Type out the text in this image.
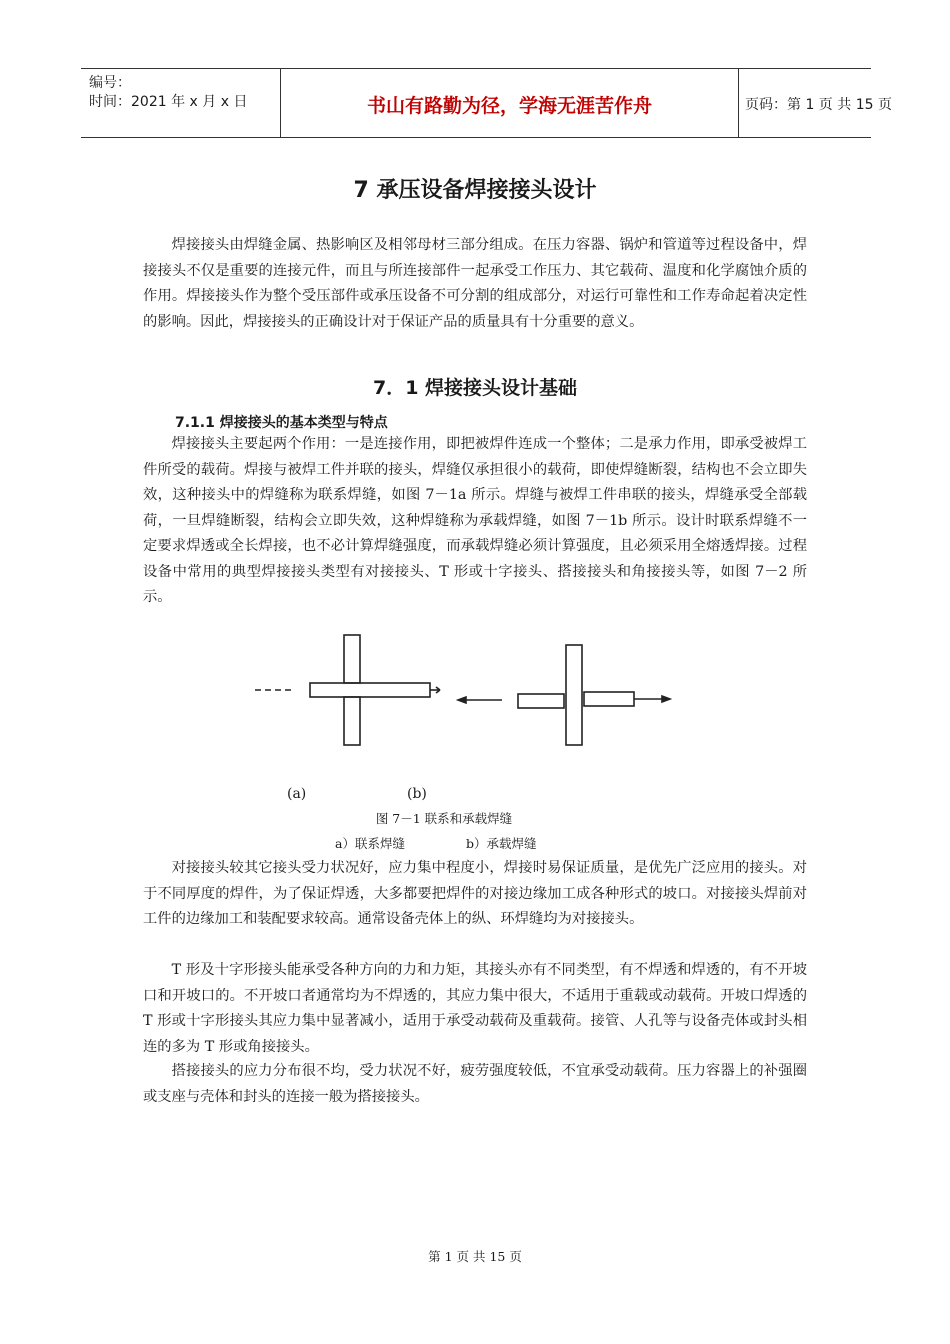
编号：
时间：2021 年 x 月 x 日	书山有路勤为径，学海无涯苦作舟	页码：第 1 页 共 15 页
7 承压设备焊接接头设计

焊接接头由焊缝金属、热影响区及相邻母材三部分组成。在压力容器、锅炉和管道等过程设备中，焊接接头不仅是重要的连接元件，而且与所连接部件一起承受工作压力、其它载荷、温度和化学腐蚀介质的作用。焊接接头作为整个受压部件或承压设备不可分割的组成部分，对运行可靠性和工作寿命起着决定性的影响。因此，焊接接头的正确设计对于保证产品的质量具有十分重要的意义。

7．1 焊接接头设计基础
7.1.1 焊接接头的基本类型与特点

焊接接头主要起两个作用：一是连接作用，即把被焊件连成一个整体；二是承力作用，即承受被焊工件所受的载荷。焊接与被焊工件并联的接头，焊缝仅承担很小的载荷，即使焊缝断裂，结构也不会立即失效，这种接头中的焊缝称为联系焊缝，如图 7－1a 所示。焊缝与被焊工件串联的接头，焊缝承受全部载荷，一旦焊缝断裂，结构会立即失效，这种焊缝称为承载焊缝，如图 7－1b 所示。设计时联系焊缝不一定要求焊透或全长焊接，也不必计算焊缝强度，而承载焊缝必须计算强度，且必须采用全熔透焊接。过程设备中常用的典型焊接接头类型有对接接头、T 形或十字接头、搭接接头和角接接头等，如图 7－2 所示。

(a)	(b)
图 7－1 联系和承载焊缝
a）联系焊缝	b）承载焊缝

对接接头较其它接头受力状况好，应力集中程度小，焊接时易保证质量，是优先广泛应用的接头。对于不同厚度的焊件，为了保证焊透，大多都要把焊件的对接边缘加工成各种形式的坡口。对接接头焊前对工件的边缘加工和装配要求较高。通常设备壳体上的纵、环焊缝均为对接接头。

T 形及十字形接头能承受各种方向的力和力矩，其接头亦有不同类型，有不焊透和焊透的，有不开坡口和开坡口的。不开坡口者通常均为不焊透的，其应力集中很大，不适用于重载或动载荷。开坡口焊透的 T 形或十字形接头其应力集中显著减小，适用于承受动载荷及重载荷。接管、人孔等与设备壳体或封头相连的多为 T 形或角接接头。

搭接接头的应力分布很不均，受力状况不好，疲劳强度较低，不宜承受动载荷。压力容器上的补强圈或支座与壳体和封头的连接一般为搭接接头。

第 1 页 共 15 页
